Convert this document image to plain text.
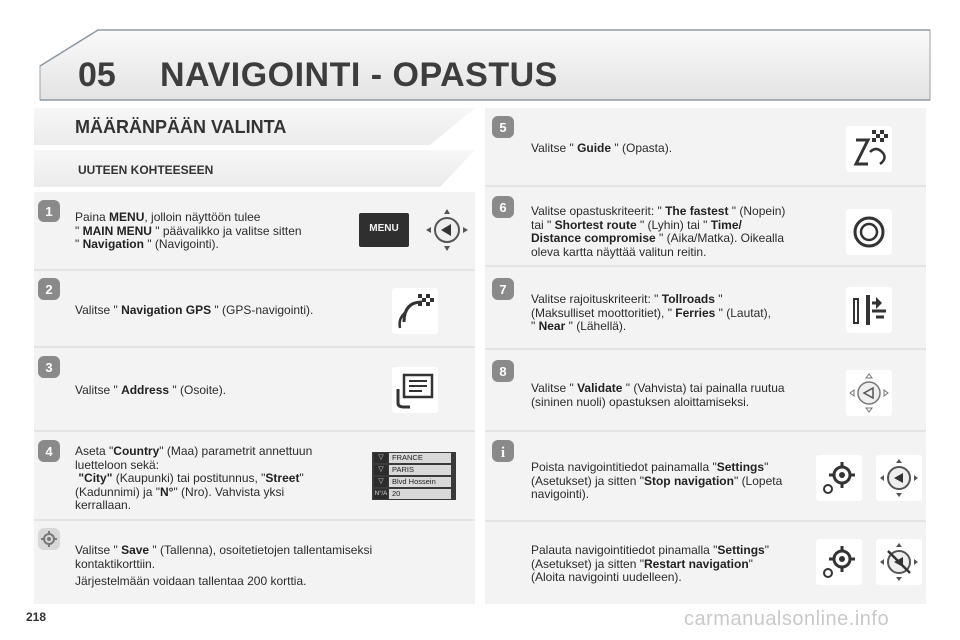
05 NAVIGOINTI - OPASTUS
MÄÄRÄNPÄÄN VALINTA
UUTEEN KOHTEESEEN
1
2
3
4
5
6
7
8
i
Paina MENU, jolloin näyttöön tulee
" MAIN MENU " päävalikko ja valitse sitten
" Navigation " (Navigointi).
MENU
Valitse " Navigation GPS " (GPS-navigointi).
Valitse " Address " (Osoite).
Aseta "Country" (Maa) parametrit annettuun
luetteloon sekä:
"City" (Kaupunki) tai postitunnus, "Street"
(Kadunnimi) ja "N°" (Nro). Vahvista yksi
kerrallaan.
▽	FRANCE
▽	PARIS
▽	Blvd Hossein
N°/A 20
Valitse " Save " (Tallenna), osoitetietojen tallentamiseksi
kontaktikorttiin.
Järjestelmään voidaan tallentaa 200 korttia.
Valitse " Guide " (Opasta).
Valitse opastuskriteerit: " The fastest " (Nopein)
tai " Shortest route " (Lyhin) tai " Time/
Distance compromise " (Aika/Matka). Oikealla
oleva kartta näyttää valitun reitin.
Valitse rajoituskriteerit: " Tollroads "
(Maksulliset moottoritiet), " Ferries " (Lautat),
" Near " (Lähellä).
Valitse " Validate " (Vahvista) tai painalla ruutua
(sininen nuoli) opastuksen aloittamiseksi.
Poista navigointitiedot painamalla "Settings"
(Asetukset) ja sitten "Stop navigation" (Lopeta
navigointi).
Palauta navigointitiedot pinamalla "Settings"
(Asetukset) ja sitten "Restart navigation"
(Aloita navigointi uudelleen).
218	carmanualsonline.info
